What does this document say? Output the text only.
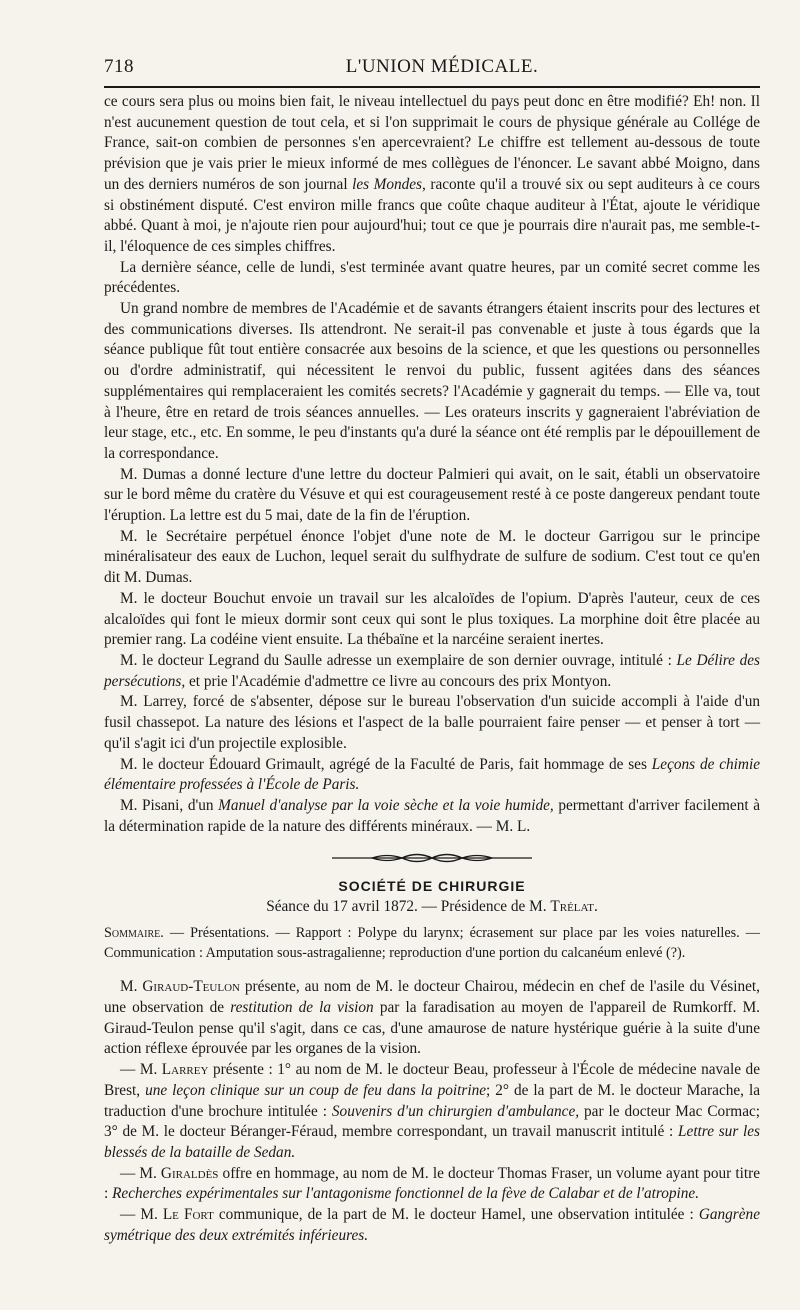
718	L'UNION MÉDICALE.

ce cours sera plus ou moins bien fait, le niveau intellectuel du pays peut donc en être modifié? Eh! non. Il n'est aucunement question de tout cela, et si l'on supprimait le cours de physique générale au Collége de France, sait-on combien de personnes s'en apercevraient? Le chiffre est tellement au-dessous de toute prévision que je vais prier le mieux informé de mes collègues de l'énoncer. Le savant abbé Moigno, dans un des derniers numéros de son journal les Mondes, raconte qu'il a trouvé six ou sept auditeurs à ce cours si obstinément disputé. C'est environ mille francs que coûte chaque auditeur à l'État, ajoute le véridique abbé. Quant à moi, je n'ajoute rien pour aujourd'hui; tout ce que je pourrais dire n'aurait pas, me semble-t-il, l'éloquence de ces simples chiffres.

La dernière séance, celle de lundi, s'est terminée avant quatre heures, par un comité secret comme les précédentes.

Un grand nombre de membres de l'Académie et de savants étrangers étaient inscrits pour des lectures et des communications diverses. Ils attendront. Ne serait-il pas convenable et juste à tous égards que la séance publique fût tout entière consacrée aux besoins de la science, et que les questions ou personnelles ou d'ordre administratif, qui nécessitent le renvoi du public, fussent agitées dans des séances supplémentaires qui remplaceraient les comités secrets? l'Académie y gagnerait du temps. — Elle va, tout à l'heure, être en retard de trois séances annuelles. — Les orateurs inscrits y gagneraient l'abréviation de leur stage, etc., etc. En somme, le peu d'instants qu'a duré la séance ont été remplis par le dépouillement de la correspondance.

M. Dumas a donné lecture d'une lettre du docteur Palmieri qui avait, on le sait, établi un observatoire sur le bord même du cratère du Vésuve et qui est courageusement resté à ce poste dangereux pendant toute l'éruption. La lettre est du 5 mai, date de la fin de l'éruption.

M. le Secrétaire perpétuel énonce l'objet d'une note de M. le docteur Garrigou sur le principe minéralisateur des eaux de Luchon, lequel serait du sulfhydrate de sulfure de sodium. C'est tout ce qu'en dit M. Dumas.

M. le docteur Bouchut envoie un travail sur les alcaloïdes de l'opium. D'après l'auteur, ceux de ces alcaloïdes qui font le mieux dormir sont ceux qui sont le plus toxiques. La morphine doit être placée au premier rang. La codéine vient ensuite. La thébaïne et la narcéine seraient inertes.

M. le docteur Legrand du Saulle adresse un exemplaire de son dernier ouvrage, intitulé : Le Délire des persécutions, et prie l'Académie d'admettre ce livre au concours des prix Montyon.

M. Larrey, forcé de s'absenter, dépose sur le bureau l'observation d'un suicide accompli à l'aide d'un fusil chassepot. La nature des lésions et l'aspect de la balle pourraient faire penser — et penser à tort — qu'il s'agit ici d'un projectile explosible.

M. le docteur Édouard Grimault, agrégé de la Faculté de Paris, fait hommage de ses Leçons de chimie élémentaire professées à l'École de Paris.

M. Pisani, d'un Manuel d'analyse par la voie sèche et la voie humide, permettant d'arriver facilement à la détermination rapide de la nature des différents minéraux. — M. L.

SOCIÉTÉ DE CHIRURGIE
Séance du 17 avril 1872. — Présidence de M. Trélat.
Sommaire. — Présentations. — Rapport : Polype du larynx; écrasement sur place par les voies naturelles. — Communication : Amputation sous-astragalienne; reproduction d'une portion du calcanéum enlevé (?).

M. Giraud-Teulon présente, au nom de M. le docteur Chairou, médecin en chef de l'asile du Vésinet, une observation de restitution de la vision par la faradisation au moyen de l'appareil de Rumkorff. M. Giraud-Teulon pense qu'il s'agit, dans ce cas, d'une amaurose de nature hystérique guérie à la suite d'une action réflexe éprouvée par les organes de la vision.

— M. Larrey présente : 1° au nom de M. le docteur Beau, professeur à l'École de médecine navale de Brest, une leçon clinique sur un coup de feu dans la poitrine; 2° de la part de M. le docteur Marache, la traduction d'une brochure intitulée : Souvenirs d'un chirurgien d'ambulance, par le docteur Mac Cormac; 3° de M. le docteur Béranger-Féraud, membre correspondant, un travail manuscrit intitulé : Lettre sur les blessés de la bataille de Sedan.

— M. Giraldès offre en hommage, au nom de M. le docteur Thomas Fraser, un volume ayant pour titre : Recherches expérimentales sur l'antagonisme fonctionnel de la fève de Calabar et de l'atropine.

— M. Le Fort communique, de la part de M. le docteur Hamel, une observation intitulée : Gangrène symétrique des deux extrémités inférieures.
